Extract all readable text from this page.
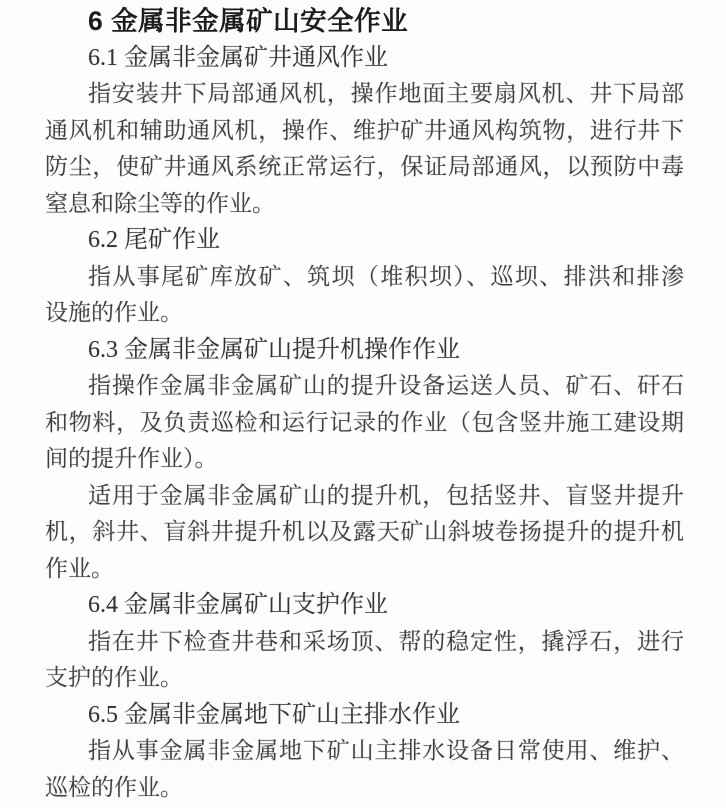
6 金属非金属矿山安全作业
6.1 金属非金属矿井通风作业
指安装井下局部通风机，操作地面主要扇风机、井下局部
通风机和辅助通风机，操作、维护矿井通风构筑物，进行井下
防尘，使矿井通风系统正常运行，保证局部通风，以预防中毒
窒息和除尘等的作业。
6.2 尾矿作业
指从事尾矿库放矿、筑坝（堆积坝）、巡坝、排洪和排渗
设施的作业。
6.3 金属非金属矿山提升机操作作业
指操作金属非金属矿山的提升设备运送人员、矿石、矸石
和物料，及负责巡检和运行记录的作业（包含竖井施工建设期
间的提升作业）。
适用于金属非金属矿山的提升机，包括竖井、盲竖井提升
机，斜井、盲斜井提升机以及露天矿山斜坡卷扬提升的提升机
作业。
6.4 金属非金属矿山支护作业
指在井下检查井巷和采场顶、帮的稳定性，撬浮石，进行
支护的作业。
6.5 金属非金属地下矿山主排水作业
指从事金属非金属地下矿山主排水设备日常使用、维护、
巡检的作业。
